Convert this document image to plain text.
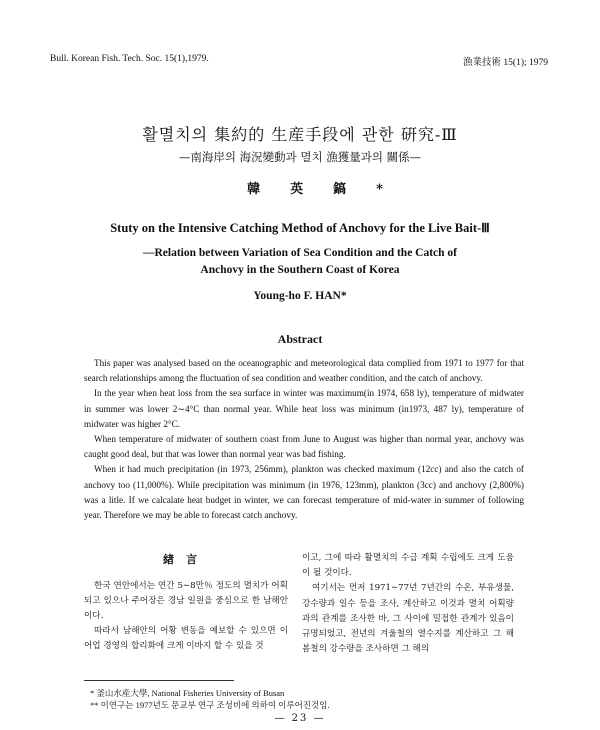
Bull. Korean Fish. Tech. Soc. 15(1),1979.	漁業技術 15(1); 1979
활멸치의 集約的 生産手段에 관한 硏究-Ⅲ
—南海岸의 海況變動과 멸치 漁獲量과의 關係—
韓英鎬*
Stuty on the Intensive Catching Method of Anchovy for the Live Bait-Ⅲ
—Relation between Variation of Sea Condition and the Catch of
Anchovy in the Southern Coast of Korea
Young-ho F. HAN*
Abstract

This paper was analysed based on the oceanographic and meteorological data complied from 1971 to 1977 for that search relationships among the fluctuation of sea condition and weather condition, and the catch of anchovy.

In the year when heat loss from the sea surface in winter was maximum(in 1974, 658 ly), temperature of midwater in summer was lower 2∼4°C than normal year. While heat loss was minimum (in1973, 487 ly), temperature of midwater was higher 2°C.

When temperature of midwater of southern coast from June to August was higher than normal year, anchovy was caught good deal, but that was lower than normal year was bad fishing.

When it had much precipitation (in 1973, 256mm), plankton was checked maximum (12cc) and also the catch of anchovy too (11,000%). While precipitation was minimum (in 1976, 123mm), plankton (3cc) and anchovy (2,800%) was a litle. If we calcalate heat budget in winter, we can forecast temperature of mid-water in summer of following year. Therefore we may be able to forecast catch anchovy.

緖言

한국 연안에서는 연간 5∼8만％ 정도의 멸치가 어획되고 있으나 주어장은 경남 일원을 중심으로 한 남해안이다.

따라서 남해안의 어황 변동을 예보할 수 있으면 이 어업 경영의 합리화에 크게 이바지 할 수 있을 것

이고, 그에 따라 활멸치의 수급 계획 수립에도 크게 도움이 될 것이다.

여기서는 먼저 1971∼77년 7년간의 수온, 부유생물, 강수량과 일수 등을 조사, 계산하고 이것과 멸치 어획량과의 관계를 조사한 바, 그 사이에 밀접한 관계가 있음이 규명되었고, 전년의 겨울철의 열수지를 계산하고 그 해 봄철의 강수량을 조사하면 그 해의

* 釜山水産大學, National Fisheries University of Busan
** 이연구는 1977년도 문교부 연구 조성비에 의하여 이루어진것임.
— 23 —
